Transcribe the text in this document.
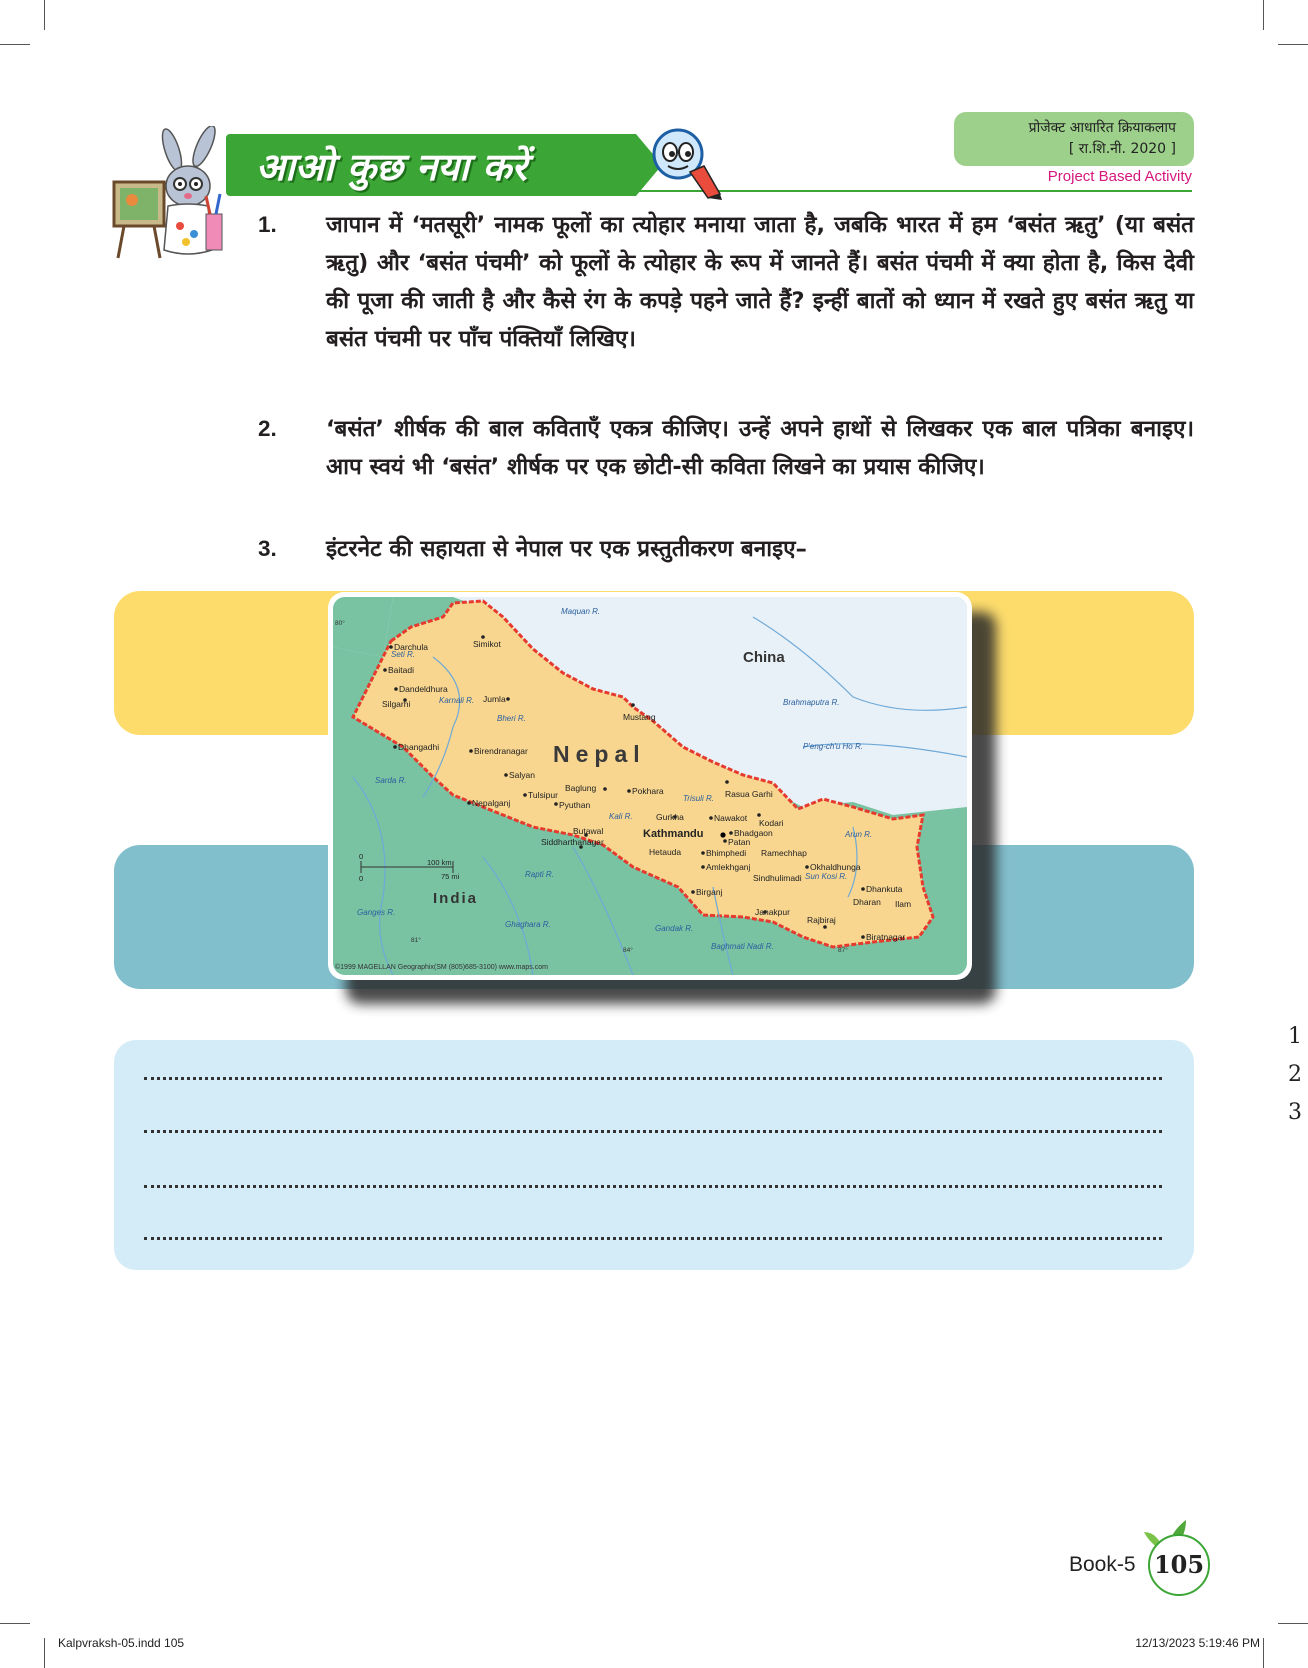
आओ कुछ नया करें
प्रोजेक्ट आधारित क्रियाकलाप
[ रा.शि.नी. 2020 ]
Project Based Activity
1. जापान में ‘मतसूरी’ नामक फूलों का त्योहार मनाया जाता है, जबकि भारत में हम ‘बसंत ऋतु’ (या बसंत ऋतु) और ‘बसंत पंचमी’ को फूलों के त्योहार के रूप में जानते हैं। बसंत पंचमी में क्या होता है, किस देवी की पूजा की जाती है और कैसे रंग के कपड़े पहने जाते हैं? इन्हीं बातों को ध्यान में रखते हुए बसंत ऋतु या बसंत पंचमी पर पाँच पंक्तियाँ लिखिए।
2. ‘बसंत’ शीर्षक की बाल कविताएँ एकत्र कीजिए। उन्हें अपने हाथों से लिखकर एक बाल पत्रिका बनाइए। आप स्वयं भी ‘बसंत’ शीर्षक पर एक छोटी-सी कविता लिखने का प्रयास कीजिए।
3. इंटरनेट की सहायता से नेपाल पर एक प्रस्तुतीकरण बनाइए–
China
Nepal
India
Maquan R.
Seti R.
Karnali R.
Bheri R.
Brahmaputra R.
P'eng-ch'u Ho R.
Sarda R.
Trisuli R.
Kali R.
Arun R.
Sun Kosi R.
Rapti R.
Ghaghara R.	Gandak R.
Baghmati Nadi R.
Ganges R.
Darchula
Baitadi
Dandeldhura
Silgarhi
Simikot
Jumla
Mustang
Dhangadhi	Birendranagar
Salyan
Nepalganj
Tulsipur
Pyuthan
Baglung	Pokhara	Rasua Garhi
Gurkha	Nawakot Kodari
Butawal
Siddharthanagar
Kathmandu	Bhadgaon
Patan
Hetauda	Bhimphedi Ramechhap
Amlekhganj	Okhaldhunga
Sindhulimadi
Dhankuta
Birganj
Dharan Ilam
Janakpur
Rajbiraj
Biratnagar
0
0
100 km
75 mi
80°
81°
84°	87°
©1999 MAGELLAN Geographix(SM (805)685-3100) www.maps.com
1
2
3
Book-5 105
Kalpvraksh-05.indd 105	12/13/2023 5:19:46 PM
